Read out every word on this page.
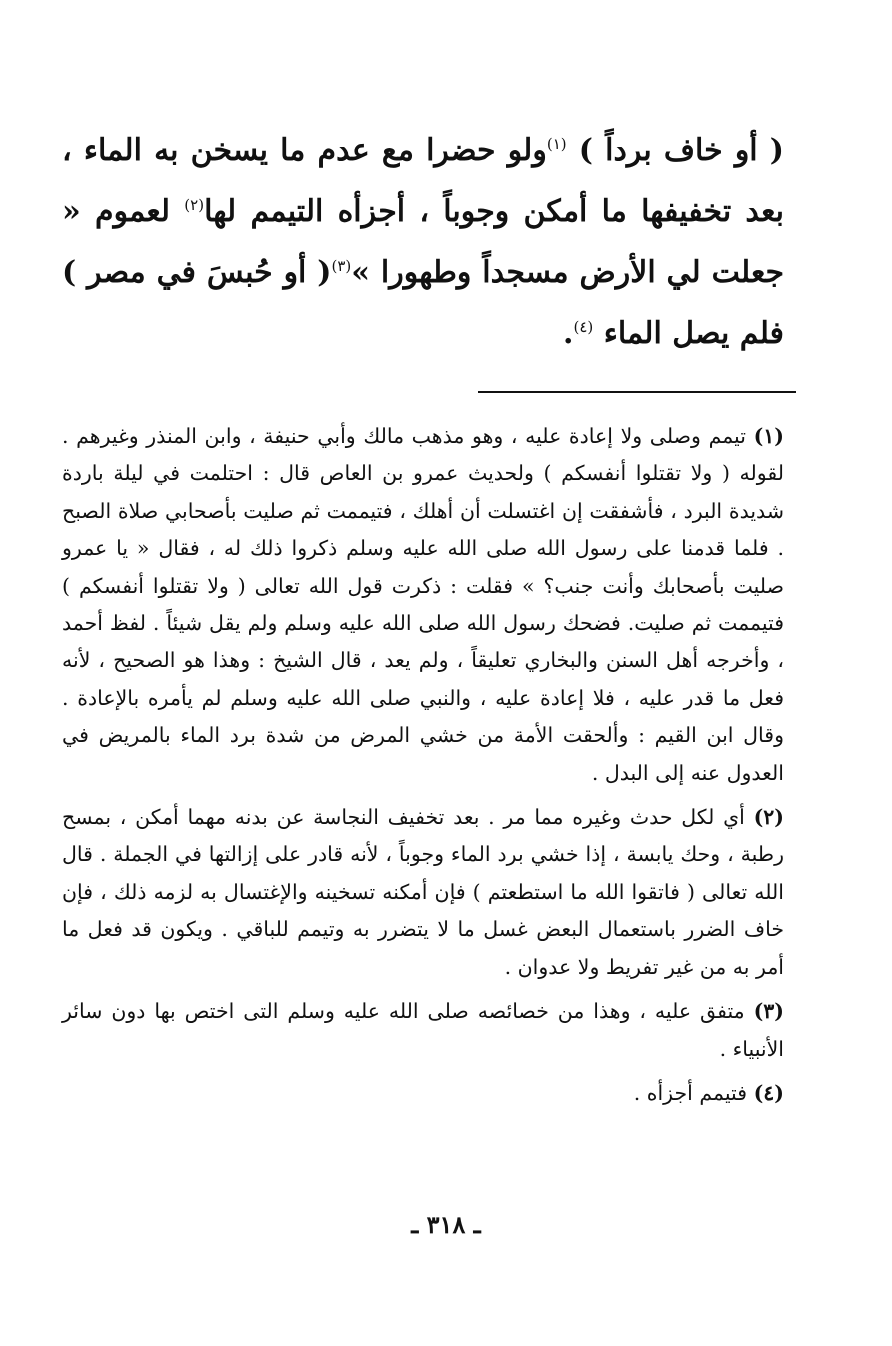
( أو خاف برداً ) $^{(١)}$ولو حضرا مع عدم ما يسخن به الماء ، بعد تخفيفها ما أمكن وجوباً ، أجزأه التيمم لها$^{(٢)}$ لعموم « جعلت لي الأرض مسجداً وطهورا »$^{(٣)}$( أو حُبسَ في مصر ) فلم يصل الماء $^{(٤)}$.

(١) تيمم وصلى ولا إعادة عليه ، وهو مذهب مالك وأبي حنيفة ، وابن المنذر وغيرهم . لقوله ( ولا تقتلوا أنفسكم ) ولحديث عمرو بن العاص قال : احتلمت في ليلة باردة شديدة البرد ، فأشفقت إن اغتسلت أن أهلك ، فتيممت ثم صليت بأصحابي صلاة الصبح . فلما قدمنا على رسول الله صلى الله عليه وسلم ذكروا ذلك له ، فقال « يا عمرو صليت بأصحابك وأنت جنب؟ » فقلت : ذكرت قول الله تعالى ( ولا تقتلوا أنفسكم ) فتيممت ثم صليت. فضحك رسول الله صلى الله عليه وسلم ولم يقل شيئاً . لفظ أحمد ، وأخرجه أهل السنن والبخاري تعليقاً ، ولم يعد ، قال الشيخ : وهذا هو الصحيح ، لأنه فعل ما قدر عليه ، فلا إعادة عليه ، والنبي صلى الله عليه وسلم لم يأمره بالإعادة . وقال ابن القيم : وألحقت الأمة من خشي المرض من شدة برد الماء بالمريض في العدول عنه إلى البدل .

(٢) أي لكل حدث وغيره مما مر . بعد تخفيف النجاسة عن بدنه مهما أمكن ، بمسح رطبة ، وحك يابسة ، إذا خشي برد الماء وجوباً ، لأنه قادر على إزالتها في الجملة . قال الله تعالى ( فاتقوا الله ما استطعتم ) فإن أمكنه تسخينه والإغتسال به لزمه ذلك ، فإن خاف الضرر باستعمال البعض غسل ما لا يتضرر به وتيمم للباقي . ويكون قد فعل ما أمر به من غير تفريط ولا عدوان .

(٣) متفق عليه ، وهذا من خصائصه صلى الله عليه وسلم التى اختص بها دون سائر الأنبياء .

(٤) فتيمم أجزأه .

ـ ٣١٨ ـ
